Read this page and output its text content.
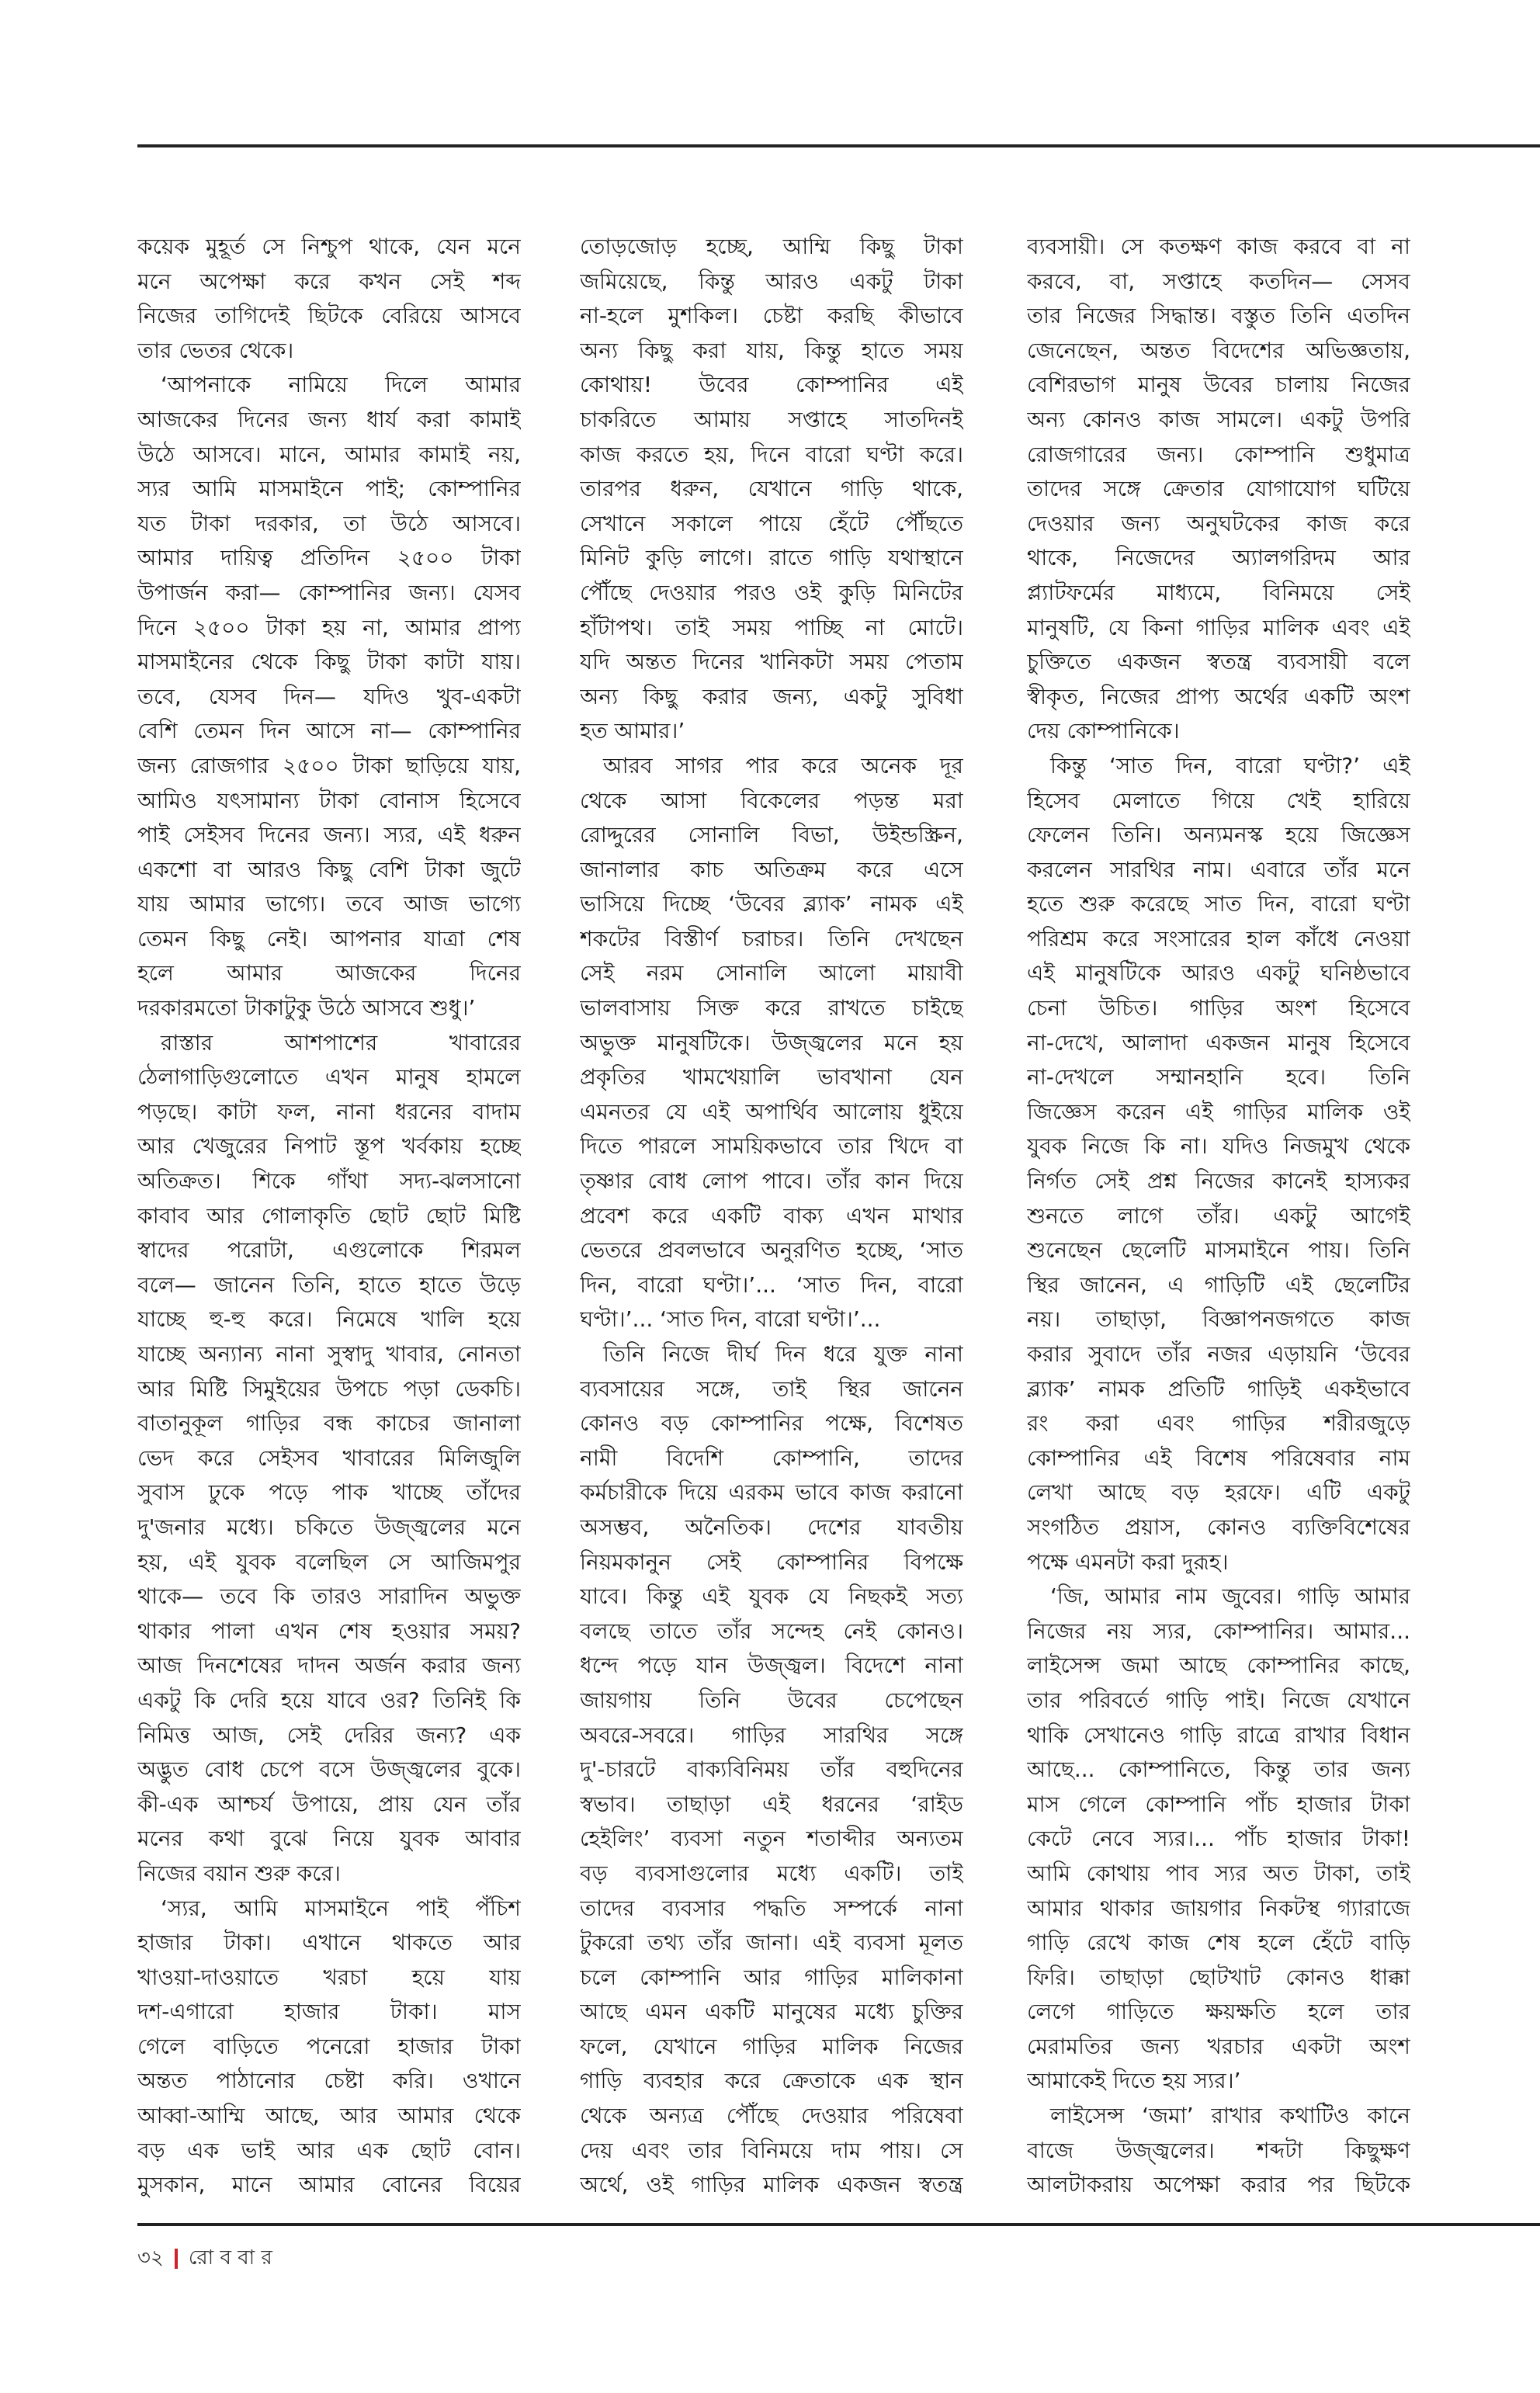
কয়েক মুহূর্ত সে নিশ্চুপ থাকে, যেন মনে
মনে অপেক্ষা করে কখন সেই শব্দ
নিজের তাগিদেই ছিটকে বেরিয়ে আসবে
তার ভেতর থেকে।
‘আপনাকে নামিয়ে দিলে আমার
আজকের দিনের জন্য ধার্য করা কামাই
উঠে আসবে। মানে, আমার কামাই নয়,
স্যর আমি মাসমাইনে পাই; কোম্পানির
যত টাকা দরকার, তা উঠে আসবে।
আমার দায়িত্ব প্রতিদিন ২৫০০ টাকা
উপার্জন করা— কোম্পানির জন্য। যেসব
দিনে ২৫০০ টাকা হয় না, আমার প্রাপ্য
মাসমাইনের থেকে কিছু টাকা কাটা যায়।
তবে, যেসব দিন— যদিও খুব-একটা
বেশি তেমন দিন আসে না— কোম্পানির
জন্য রোজগার ২৫০০ টাকা ছাড়িয়ে যায়,
আমিও যৎসামান্য টাকা বোনাস হিসেবে
পাই সেইসব দিনের জন্য। স্যর, এই ধরুন
একশো বা আরও কিছু বেশি টাকা জুটে
যায় আমার ভাগ্যে। তবে আজ ভাগ্যে
তেমন কিছু নেই। আপনার যাত্রা শেষ
হলে আমার আজকের দিনের
দরকারমতো টাকাটুকু উঠে আসবে শুধু।’
রাস্তার আশপাশের খাবারের
ঠেলাগাড়িগুলোতে এখন মানুষ হামলে
পড়ছে। কাটা ফল, নানা ধরনের বাদাম
আর খেজুরের নিপাট স্তূপ খর্বকায় হচ্ছে
অতিক্রত। শিকে গাঁথা সদ্য-ঝলসানো
কাবাব আর গোলাকৃতি ছোট ছোট মিষ্টি
স্বাদের পরোটা, এগুলোকে শিরমল
বলে— জানেন তিনি, হাতে হাতে উড়ে
যাচ্ছে হু-হু করে। নিমেষে খালি হয়ে
যাচ্ছে অন্যান্য নানা সুস্বাদু খাবার, নোনতা
আর মিষ্টি সিমুইয়ের উপচে পড়া ডেকচি।
বাতানুকূল গাড়ির বন্ধ কাচের জানালা
ভেদ করে সেইসব খাবারের মিলিজুলি
সুবাস ঢুকে পড়ে পাক খাচ্ছে তাঁদের
দু'জনার মধ্যে। চকিতে উজ্জ্বলের মনে
হয়, এই যুবক বলেছিল সে আজিমপুর
থাকে— তবে কি তারও সারাদিন অভুক্ত
থাকার পালা এখন শেষ হওয়ার সময়?
আজ দিনশেষের দাদন অর্জন করার জন্য
একটু কি দেরি হয়ে যাবে ওর? তিনিই কি
নিমিত্ত আজ, সেই দেরির জন্য? এক
অদ্ভুত বোধ চেপে বসে উজ্জ্বলের বুকে।
কী-এক আশ্চর্য উপায়ে, প্রায় যেন তাঁর
মনের কথা বুঝে নিয়ে যুবক আবার
নিজের বয়ান শুরু করে।
‘স্যর, আমি মাসমাইনে পাই পঁচিশ
হাজার টাকা। এখানে থাকতে আর
খাওয়া-দাওয়াতে খরচা হয়ে যায়
দশ-এগারো হাজার টাকা। মাস
গেলে বাড়িতে পনেরো হাজার টাকা
অন্তত পাঠানোর চেষ্টা করি। ওখানে
আব্বা-আম্মি আছে, আর আমার থেকে
বড় এক ভাই আর এক ছোট বোন।
মুসকান, মানে আমার বোনের বিয়ের
তোড়জোড় হচ্ছে, আম্মি কিছু টাকা
জমিয়েছে, কিন্তু আরও একটু টাকা
না-হলে মুশকিল। চেষ্টা করছি কীভাবে
অন্য কিছু করা যায়, কিন্তু হাতে সময়
কোথায়! উবের কোম্পানির এই
চাকরিতে আমায় সপ্তাহে সাতদিনই
কাজ করতে হয়, দিনে বারো ঘণ্টা করে।
তারপর ধরুন, যেখানে গাড়ি থাকে,
সেখানে সকালে পায়ে হেঁটে পৌঁছতে
মিনিট কুড়ি লাগে। রাতে গাড়ি যথাস্থানে
পৌঁছে দেওয়ার পরও ওই কুড়ি মিনিটের
হাঁটাপথ। তাই সময় পাচ্ছি না মোটে।
যদি অন্তত দিনের খানিকটা সময় পেতাম
অন্য কিছু করার জন্য, একটু সুবিধা
হত আমার।’
আরব সাগর পার করে অনেক দূর
থেকে আসা বিকেলের পড়ন্ত মরা
রোদ্দুরের সোনালি বিভা, উইন্ডস্ক্রিন,
জানালার কাচ অতিক্রম করে এসে
ভাসিয়ে দিচ্ছে ‘উবের ব্ল্যাক’ নামক এই
শকটের বিস্তীর্ণ চরাচর। তিনি দেখছেন
সেই নরম সোনালি আলো মায়াবী
ভালবাসায় সিক্ত করে রাখতে চাইছে
অভুক্ত মানুষটিকে। উজ্জ্বলের মনে হয়
প্রকৃতির খামখেয়ালি ভাবখানা যেন
এমনতর যে এই অপার্থিব আলোয় ধুইয়ে
দিতে পারলে সাময়িকভাবে তার খিদে বা
তৃষ্ণার বোধ লোপ পাবে। তাঁর কান দিয়ে
প্রবেশ করে একটি বাক্য এখন মাথার
ভেতরে প্রবলভাবে অনুরণিত হচ্ছে, ‘সাত
দিন, বারো ঘণ্টা।’... ‘সাত দিন, বারো
ঘণ্টা।’... ‘সাত দিন, বারো ঘণ্টা।’...
তিনি নিজে দীর্ঘ দিন ধরে যুক্ত নানা
ব্যবসায়ের সঙ্গে, তাই স্থির জানেন
কোনও বড় কোম্পানির পক্ষে, বিশেষত
নামী বিদেশি কোম্পানি, তাদের
কর্মচারীকে দিয়ে এরকম ভাবে কাজ করানো
অসম্ভব, অনৈতিক। দেশের যাবতীয়
নিয়মকানুন সেই কোম্পানির বিপক্ষে
যাবে। কিন্তু এই যুবক যে নিছকই সত্য
বলছে তাতে তাঁর সন্দেহ নেই কোনও।
ধন্দে পড়ে যান উজ্জ্বল। বিদেশে নানা
জায়গায় তিনি উবের চেপেছেন
অবরে-সবরে। গাড়ির সারথির সঙ্গে
দু'-চারটে বাক্যবিনিময় তাঁর বহুদিনের
স্বভাব। তাছাড়া এই ধরনের ‘রাইড
হেইলিং’ ব্যবসা নতুন শতাব্দীর অন্যতম
বড় ব্যবসাগুলোর মধ্যে একটি। তাই
তাদের ব্যবসার পদ্ধতি সম্পর্কে নানা
টুকরো তথ্য তাঁর জানা। এই ব্যবসা মূলত
চলে কোম্পানি আর গাড়ির মালিকানা
আছে এমন একটি মানুষের মধ্যে চুক্তির
ফলে, যেখানে গাড়ির মালিক নিজের
গাড়ি ব্যবহার করে ক্রেতাকে এক স্থান
থেকে অন্যত্র পৌঁছে দেওয়ার পরিষেবা
দেয় এবং তার বিনিময়ে দাম পায়। সে
অর্থে, ওই গাড়ির মালিক একজন স্বতন্ত্র
ব্যবসায়ী। সে কতক্ষণ কাজ করবে বা না
করবে, বা, সপ্তাহে কতদিন— সেসব
তার নিজের সিদ্ধান্ত। বস্তুত তিনি এতদিন
জেনেছেন, অন্তত বিদেশের অভিজ্ঞতায়,
বেশিরভাগ মানুষ উবের চালায় নিজের
অন্য কোনও কাজ সামলে। একটু উপরি
রোজগারের জন্য। কোম্পানি শুধুমাত্র
তাদের সঙ্গে ক্রেতার যোগাযোগ ঘটিয়ে
দেওয়ার জন্য অনুঘটকের কাজ করে
থাকে, নিজেদের অ্যালগরিদম আর
প্ল্যাটফর্মের মাধ্যমে, বিনিময়ে সেই
মানুষটি, যে কিনা গাড়ির মালিক এবং এই
চুক্তিতে একজন স্বতন্ত্র ব্যবসায়ী বলে
স্বীকৃত, নিজের প্রাপ্য অর্থের একটি অংশ
দেয় কোম্পানিকে।
কিন্তু ‘সাত দিন, বারো ঘণ্টা?’ এই
হিসেব মেলাতে গিয়ে খেই হারিয়ে
ফেলেন তিনি। অন্যমনস্ক হয়ে জিজ্ঞেস
করলেন সারথির নাম। এবারে তাঁর মনে
হতে শুরু করেছে সাত দিন, বারো ঘণ্টা
পরিশ্রম করে সংসারের হাল কাঁধে নেওয়া
এই মানুষটিকে আরও একটু ঘনিষ্ঠভাবে
চেনা উচিত। গাড়ির অংশ হিসেবে
না-দেখে, আলাদা একজন মানুষ হিসেবে
না-দেখলে সম্মানহানি হবে। তিনি
জিজ্ঞেস করেন এই গাড়ির মালিক ওই
যুবক নিজে কি না। যদিও নিজমুখ থেকে
নির্গত সেই প্রশ্ন নিজের কানেই হাস্যকর
শুনতে লাগে তাঁর। একটু আগেই
শুনেছেন ছেলেটি মাসমাইনে পায়। তিনি
স্থির জানেন, এ গাড়িটি এই ছেলেটির
নয়। তাছাড়া, বিজ্ঞাপনজগতে কাজ
করার সুবাদে তাঁর নজর এড়ায়নি ‘উবের
ব্ল্যাক’ নামক প্রতিটি গাড়িই একইভাবে
রং করা এবং গাড়ির শরীরজুড়ে
কোম্পানির এই বিশেষ পরিষেবার নাম
লেখা আছে বড় হরফে। এটি একটু
সংগঠিত প্রয়াস, কোনও ব্যক্তিবিশেষের
পক্ষে এমনটা করা দুরূহ।
‘জি, আমার নাম জুবের। গাড়ি আমার
নিজের নয় স্যর, কোম্পানির। আমার...
লাইসেন্স জমা আছে কোম্পানির কাছে,
তার পরিবর্তে গাড়ি পাই। নিজে যেখানে
থাকি সেখানেও গাড়ি রাত্রে রাখার বিধান
আছে... কোম্পানিতে, কিন্তু তার জন্য
মাস গেলে কোম্পানি পাঁচ হাজার টাকা
কেটে নেবে স্যর।... পাঁচ হাজার টাকা!
আমি কোথায় পাব স্যর অত টাকা, তাই
আমার থাকার জায়গার নিকটস্থ গ্যারাজে
গাড়ি রেখে কাজ শেষ হলে হেঁটে বাড়ি
ফিরি। তাছাড়া ছোটখাট কোনও ধাক্কা
লেগে গাড়িতে ক্ষয়ক্ষতি হলে তার
মেরামতির জন্য খরচার একটা অংশ
আমাকেই দিতে হয় স্যর।’
লাইসেন্স ‘জমা’ রাখার কথাটিও কানে
বাজে উজ্জ্বলের। শব্দটা কিছুক্ষণ
আলটাকরায় অপেক্ষা করার পর ছিটকে
৩২ রো ব বা র
